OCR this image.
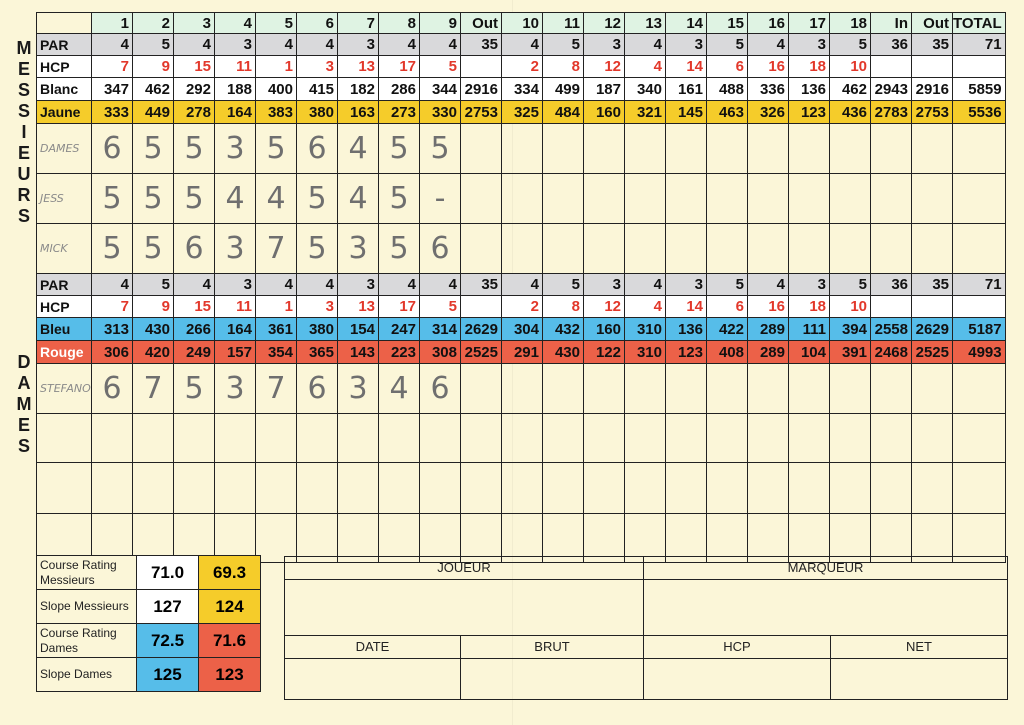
M
E
S
S
I
E
U
R
S
D
A
M
E
S
	1	2	3	4	5	6	7	8	9	Out	10	11	12	13	14	15	16	17	18	In	Out	TOTAL
PAR	4	5	4	3	4	4	3	4	4	35	4	5	3	4	3	5	4	3	5	36	35	71
HCP	7	9	15	11	1	3	13	17	5		2	8	12	4	14	6	16	18	10			
Blanc	347	462	292	188	400	415	182	286	344	2916	334	499	187	340	161	488	336	136	462	2943	2916	5859
Jaune	333	449	278	164	383	380	163	273	330	2753	325	484	160	321	145	463	326	123	436	2783	2753	5536
DAMES	6	5	5	3	5	6	4	5	5													
JESS	5	5	5	4	4	5	4	5	-													
MICK	5	5	6	3	7	5	3	5	6													
PAR	4	5	4	3	4	4	3	4	4	35	4	5	3	4	3	5	4	3	5	36	35	71
HCP	7	9	15	11	1	3	13	17	5		2	8	12	4	14	6	16	18	10			
Bleu	313	430	266	164	361	380	154	247	314	2629	304	432	160	310	136	422	289	111	394	2558	2629	5187
Rouge	306	420	249	157	354	365	143	223	308	2525	291	430	122	310	123	408	289	104	391	2468	2525	4993
STEFANO	6	7	5	3	7	6	3	4	6													

Course Rating Messieurs	71.0	69.3
Slope Messieurs	127	124
Course Rating Dames	72.5	71.6
Slope Dames	125	123
JOUEUR		MARQUEUR	

DATE	BRUT	HCP	NET
